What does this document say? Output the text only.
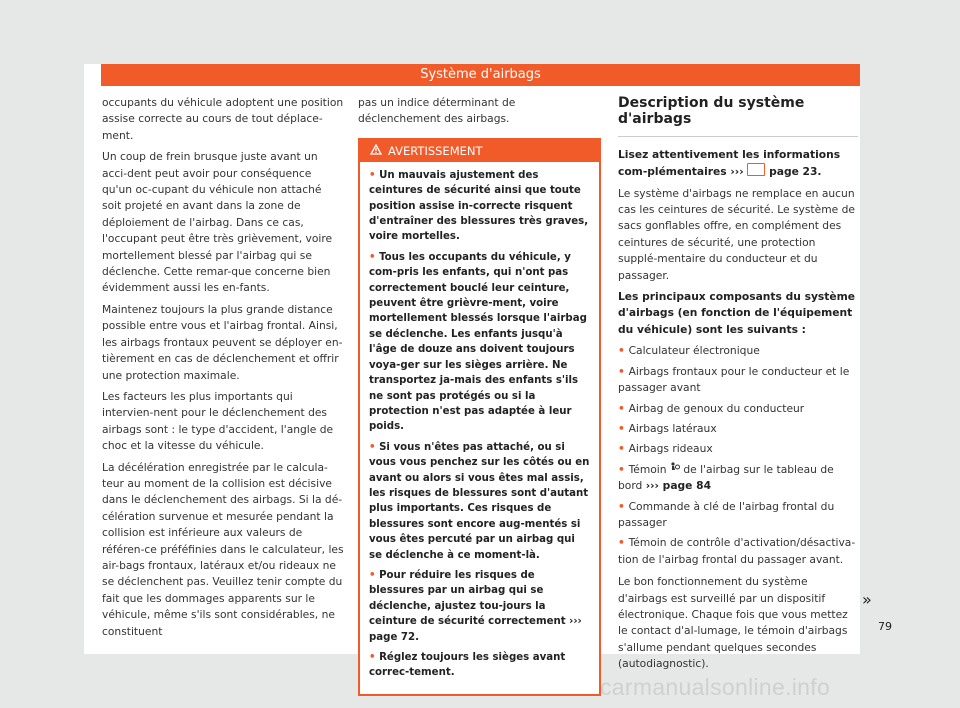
Système d'airbags

occupants du véhicule adoptent une position assise correcte au cours de tout déplace-ment.

Un coup de frein brusque juste avant un acci-dent peut avoir pour conséquence qu'un oc-cupant du véhicule non attaché soit projeté en avant dans la zone de déploiement de l'airbag. Dans ce cas, l'occupant peut être très grièvement, voire mortellement blessé par l'airbag qui se déclenche. Cette remar-que concerne bien évidemment aussi les en-fants.

Maintenez toujours la plus grande distance possible entre vous et l'airbag frontal. Ainsi, les airbags frontaux peuvent se déployer en-tièrement en cas de déclenchement et offrir une protection maximale.

Les facteurs les plus importants qui intervien-nent pour le déclenchement des airbags sont : le type d'accident, l'angle de choc et la vitesse du véhicule.

La décélération enregistrée par le calcula-teur au moment de la collision est décisive dans le déclenchement des airbags. Si la dé-célération survenue et mesurée pendant la collision est inférieure aux valeurs de référen-ce préféfinies dans le calculateur, les air-bags frontaux, latéraux et/ou rideaux ne se déclenchent pas. Veuillez tenir compte du fait que les dommages apparents sur le véhicule, même s'ils sont considérables, ne constituent

pas un indice déterminant de déclenchement des airbags.

AVERTISSEMENT

• Un mauvais ajustement des ceintures de sécurité ainsi que toute position assise in-correcte risquent d'entraîner des blessures très graves, voire mortelles.

• Tous les occupants du véhicule, y com-pris les enfants, qui n'ont pas correctement bouclé leur ceinture, peuvent être grièvre-ment, voire mortellement blessés lorsque l'airbag se déclenche. Les enfants jusqu'à l'âge de douze ans doivent toujours voya-ger sur les sièges arrière. Ne transportez ja-mais des enfants s'ils ne sont pas protégés ou si la protection n'est pas adaptée à leur poids.

• Si vous n'êtes pas attaché, ou si vous vous penchez sur les côtés ou en avant ou alors si vous êtes mal assis, les risques de blessures sont d'autant plus importants. Ces risques de blessures sont encore aug-mentés si vous êtes percuté par un airbag qui se déclenche à ce moment-là.

• Pour réduire les risques de blessures par un airbag qui se déclenche, ajustez tou-jours la ceinture de sécurité correctement ››› page 72.

• Réglez toujours les sièges avant correc-tement.

Description du système d'airbags

Lisez attentivement les informations com-plémentaires ››› page 23.

Le système d'airbags ne remplace en aucun cas les ceintures de sécurité. Le système de sacs gonflables offre, en complément des ceintures de sécurité, une protection supplé-mentaire du conducteur et du passager.

Les principaux composants du système d'airbags (en fonction de l'équipement du véhicule) sont les suivants :

• Calculateur électronique
• Airbags frontaux pour le conducteur et le passager avant
• Airbag de genoux du conducteur
• Airbags latéraux
• Airbags rideaux
• Témoin de l'airbag sur le tableau de bord ››› page 84
• Commande à clé de l'airbag frontal du passager
• Témoin de contrôle d'activation/désactiva-tion de l'airbag frontal du passager avant.

Le bon fonctionnement du système d'airbags est surveillé par un dispositif électronique. Chaque fois que vous mettez le contact d'al-lumage, le témoin d'airbags s'allume pendant quelques secondes (autodiagnostic).

»
79
carmanualsonline.info
